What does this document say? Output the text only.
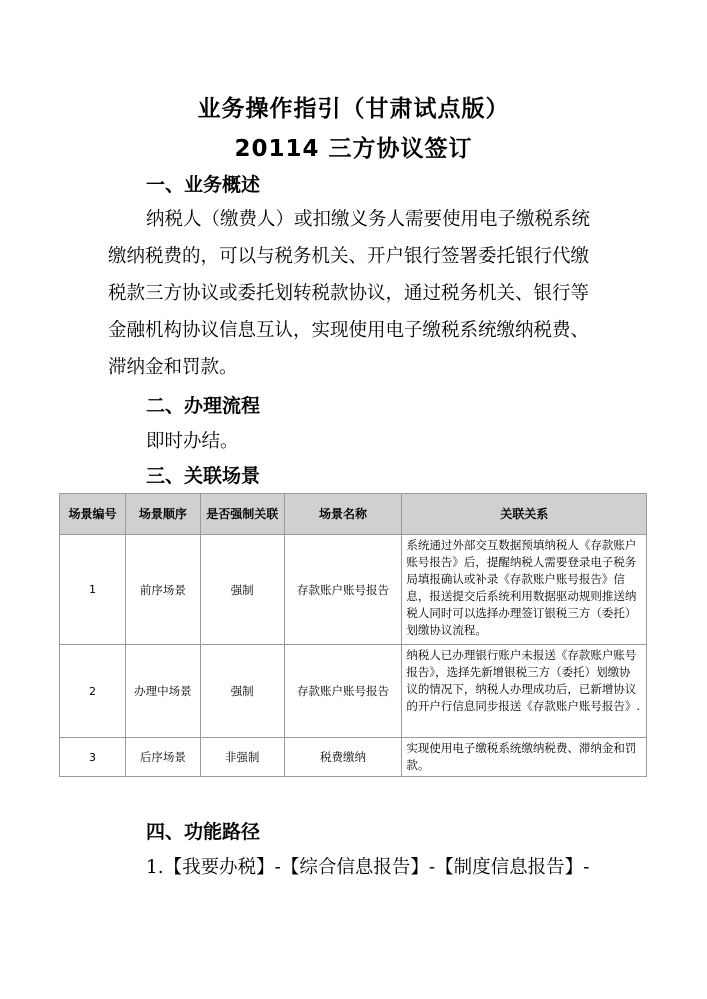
业务操作指引（甘肃试点版）
20114 三方协议签订
一、业务概述
纳税人（缴费人）或扣缴义务人需要使用电子缴税系统
缴纳税费的，可以与税务机关、开户银行签署委托银行代缴
税款三方协议或委托划转税款协议，通过税务机关、银行等
金融机构协议信息互认，实现使用电子缴税系统缴纳税费、
滞纳金和罚款。
二、办理流程
即时办结。
三、关联场景
场景编号	场景顺序	是否强制关联	场景名称	关联关系
1	前序场景	强制	存款账户账号报告	系统通过外部交互数据预填纳税人《存款账户账号报告》后，提醒纳税人需要登录电子税务局填报确认或补录《存款账户账号报告》信息，报送提交后系统利用数据驱动规则推送纳税人同时可以选择办理签订银税三方（委托）划缴协议流程。
2	办理中场景	强制	存款账户账号报告	纳税人已办理银行账户未报送《存款账户账号报告》，选择先新增银税三方（委托）划缴协议的情况下，纳税人办理成功后，已新增协议的开户行信息同步报送《存款账户账号报告》.
3	后序场景	非强制	税费缴纳	实现使用电子缴税系统缴纳税费、滞纳金和罚款。
四、功能路径
1.【我要办税】-【综合信息报告】-【制度信息报告】-
